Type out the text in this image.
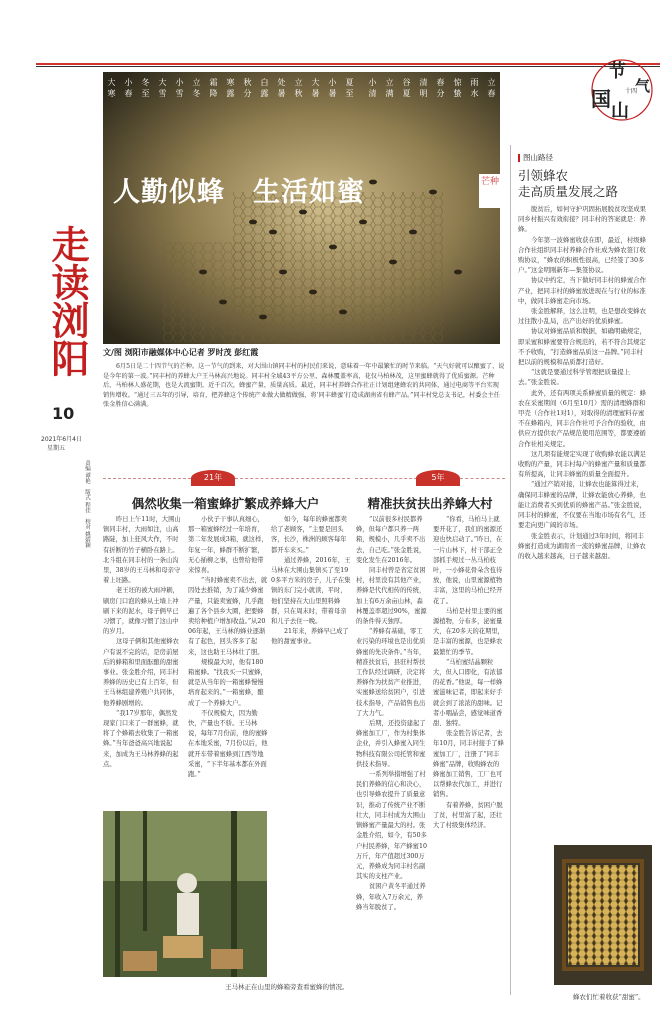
节
气
国
山
十四
大
寒
小
春
冬
至
大
雪
小
雪
立
冬
霜
降
寒
露
秋
分
白
露
处
暑
立
秋
大
暑
小
暑
夏
至
小
清
立
满
谷
夏
清
明
春
分
惊
蛰
雨
水
立
春
人勤似蜂　生活如蜜	芒种
走读浏阳
10
2021年6月4日
星期五
责编 谭艳　版式 程佳　校对 姚婧颖
文/图 浏阳市融媒体中心记者 罗时茂 彭红霞
6月5日是二十四节气的芒种。这一节气的到来，对大围山镇同丰村的村民们来说，意味着一年中最繁忙的时节来临。“天气好就可以酿蜜了，说是今年的第一波。”同丰村的养蜂大户王马林高兴地说。同丰村全域43平方公里，森林覆盖率高，花仅马柏林茂，这里蜜蜂就得了优质蜜源。芒种后，马柏林人盛花期，也是大流蜜期，近千百次，蜂蜜产量，质量高质。最近，同丰村养蜂合作社正计划组建蜂农的共同体，通过电商等平台实现销售增收。“通过三五年的引导，培育，把养蜂这个传统产业做大做精做强，将‘同丰蜂蜜’打造成湖南省有蜂产品。”同丰村党总支书记，村委会主任张金胜信心满满。
21年
偶然收集一箱蜜蜂扩繁成养蜂大户
5年
精准扶贫扶出养蜂大村

昨日上午11时，大围山镇同丰村，大雨如注，山高路陡，加上狂风大作，不时有折断的竹子横卧在路上。北斗组在同丰村的一条山沟里，38岁的王马林和母亲守着上坯路。

老王坯的被大雨冲刷，刷房门口泡的蜂从土墙上冲刷下来的泥水，母子俩早已习惯了，就像习惯了这山中的岁月。

这母子俩和其他蜜蜂农户有说不完的话，是房前屋后的蜂箱和里面酝酿的甜蜜事业。张金胜介绍，同丰村养蜂的历史已有上百年，但王马林组建养殖户共同体，他养蜂剧增的。

“我17岁那年，偶然发现家门口来了一群蜜蜂，就将了个蜂箱去收集了一箱蜜蜂。”当年爸爸高兴地说起来，加成为王马林养蜂的起点。

小伙子干事认真细心，那一箱蜜蜂经过一年培育，第二年发展成3箱，就这样，年复一年，蜂群不断扩繁，无心插柳之事，也曾给他带来惊喜。

“当时蜂蜜卖不出去，就因处去推销，为了减少蜂蜜产量，只能卖蜜蜂，几乎跑遍了各个县乡大圈，把要蜂卖给种植户增加收益。”从2006年起，王马林的蜂业逐渐有了起色，回头客多了起来，这也助王马林壮了胆。

规模最大时，他有180箱蜜蜂。“找我买一只蜜蜂，就是从当年的一箱蜜蜂慢慢培育起来的。”一箱蜜蜂，酿成了一个养蜂大户。

不仅规模大，因为勤快，产量也不骄。王马林说，每年7月份前，他的蜜蜂在本地采蜜，7月份以后，他就开车带着蜜蜂到江西等地采蜜，“下半年基本都在外面跑。”

如今，每年的蜂蜜都卖给了老顾客，“主要是回头客，长沙，株洲的顾客每年都开车来买。”

通过养蜂，2016年，王马林在大围山集镇买了至190多平方米的房子，儿子在集镇的东门完小就读，平时，他们坚持在大山里照料蜂群，只在周末时，带着母亲和儿子去住一晚。

21年来，养蜂早已成了他的甜蜜事业。

“以前很多村民都养蜂，但每户都只养一两箱，规模小，几乎卖不出去，自己吃。”张金胜说，变化发生在2016年。

同丰村曾是省定贫困村，村里没有其他产业，养蜂是代代相传的传统，加上有6万余亩山林，森林覆盖率超过90%，蜜源的条件得天独厚。

“养蜂有基础，零工业污染的环境也是出优质蜂蜜的先决条件。”当年，精准扶贫后，县驻村帮扶工作队经过调研，决定将养蜂作为扶贫产业推进，实蜜蜂送给贫困户，引进技术指导，产品销售也出了大力气。

后期，还投资建起了蜂蜜加工厂，作为村集体企业，并引入蜂蜜入同生物科技有限公司托管和蜜供技术指导。

一系列举措增强了村民们养蜂的信心和决心，也引导蜂农提升了质量意识，推动了传统产业不断壮大，同丰村成为大围山镇蜂蜜产量最大的村。张金胜介绍，如今，有50多户村民养蜂，年产蜂蜜10万斤，年产值超过300万元，养蜂成为同丰村名副其实的支柱产业。

贫困户黄冬平通过养蜂，年收入7万余元，养蜂当年脱贫了。

“你看，马柏马上就要开花了，我们的蜜源还迎也快启动了。”昨日，在一片山林下，村干部正全部抓手规过一丛马柏枝叶，一小蜂花骨朵含苞待放，他说，山里蜜源植物丰富，这里的马柏已经开花了。

马柏是村里主要的蜜源植物，分布多，泌蜜量大，在20多天的花期里，是丰富的蜜源，也是蜂农最繁忙的季节。

“马柏蜜结晶颗粒大，但入口即化，有浓郁的花香。”他说，每一样蜂蜜滋味记者，即起来好手就会到了浓浓的甜味。记者小咽晶尝，感觉味道香甜、独特。

张金胜告诉记者，去年10月，同丰村接手了蜂蜜加工厂，注册了“同丰蜂蜜”品牌，收购蜂农的蜂蜜加工销售，工厂也可以帮蜂农代加工，并进行销售。

有着养蜂，贫困户脱了贫，村里富了起，还壮大了村级集体经济。

图山路径
引领蜂农
走高质量发展之路

脱贫后，如何守护巩固拓展脱贫攻坚成果同乡村振兴有效衔接？同丰村的答案就是：养蜂。

今年第一波蜂蜜收获在即，最近，村级蜂合作社组织同丰村养蜂合作社成为蜂农签订收购协议，“蜂农的积极性很高，已经签了30多户。”这金明刚新年—集签协议。

协议中约定，当下做好同丰村的蜂蜜合作产业，把同丰村的蜂蜜放进现在与行业的标准中，做同丰蜂蜜走向市场。

张金胜解释，这么注明，也是想改变蜂农过往散小乱局，出产出好的优质蜂蜜。

协议对蜂蜜品质和数据，如确明确规定，即采蜜和蜂蜜要符合规范的，若不符合其规定不予收购，“打造蜂蜜品质这一品牌。”同丰村把以前的规模和品质都打造好。

“这就是要通过科学管理把质量提上去。”张金胜说。

此外，还有两项关系蜂蜜质量的规定：蜂农在采蜜期间（6月至10月）需的清理蜂群和甲壳（合作社1对1），对取得的清理蜜料存蜜不在蜂箱内，同丰合作社可予合作的验收，由供应方提供农产品规范使用范围等，都要遵循合作社相关规定。

这几项有能规定实现了收购蜂农能以满足收购的产量，同丰村每户的蜂蜜产量和质量都有所提高，让同丰蜂蜜的质量全面提升。

“通过产销对接，让蜂农也能算得过来，确保同丰蜂蜜的品牌，让蜂农能放心养蜂，也能让消费者买到优质的蜂蜜产品。”张金胜说，同丰村的蜂蜜，不仅要在当地市场有名气，还要走向更广阔的市场。

张金胜表示，计划通过3年时间，将同丰蜂蜜打造成为湖南省一流的蜂蜜品牌，让蜂农的收入越来越高，日子越来越甜。

王马林正在山里的蜂箱旁查看蜜蜂的情况。
蜂农们忙着收获“甜蜜”。
